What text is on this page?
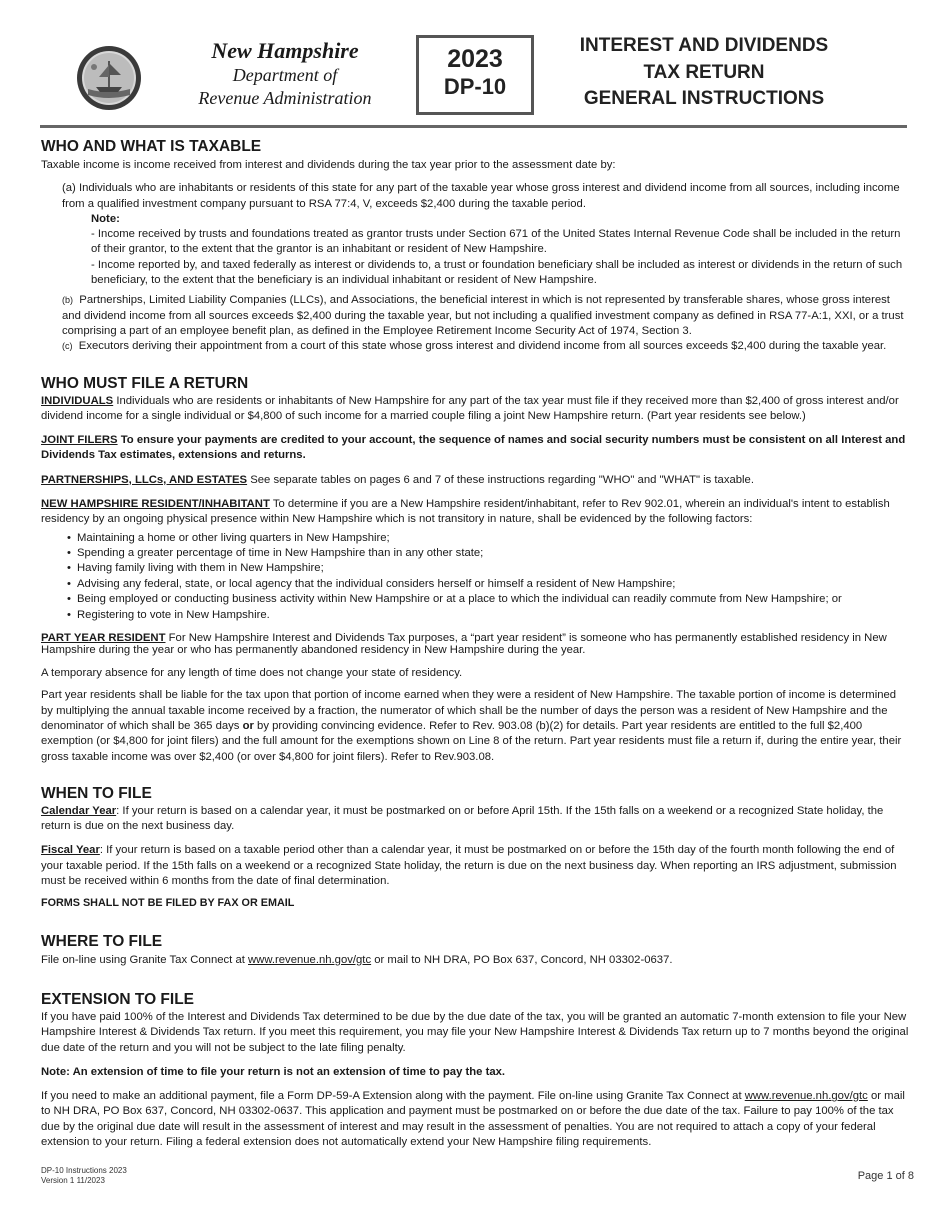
New Hampshire
Department of
Revenue Administration
2023
DP-10
INTEREST AND DIVIDENDS
TAX RETURN
GENERAL INSTRUCTIONS
WHO AND WHAT IS TAXABLE

Taxable income is income received from interest and dividends during the tax year prior to the assessment date by:

(a) Individuals who are inhabitants or residents of this state for any part of the taxable year whose gross interest and dividend income from all sources, including income from a qualified investment company pursuant to RSA 77:4, V, exceeds $2,400 during the taxable period.

Note:

- Income received by trusts and foundations treated as grantor trusts under Section 671 of the United States Internal Revenue Code shall be included in the return of their grantor, to the extent that the grantor is an inhabitant or resident of New Hampshire.

- Income reported by, and taxed federally as interest or dividends to, a trust or foundation beneficiary shall be included as interest or dividends in the return of such beneficiary, to the extent that the beneficiary is an individual inhabitant or resident of New Hampshire.

(b) Partnerships, Limited Liability Companies (LLCs), and Associations, the beneficial interest in which is not represented by transferable shares, whose gross interest and dividend income from all sources exceeds $2,400 during the taxable year, but not including a qualified investment company as defined in RSA 77-A:1, XXI, or a trust comprising a part of an employee benefit plan, as defined in the Employee Retirement Income Security Act of 1974, Section 3.

(c) Executors deriving their appointment from a court of this state whose gross interest and dividend income from all sources exceeds $2,400 during the taxable year.

WHO MUST FILE A RETURN

INDIVIDUALS Individuals who are residents or inhabitants of New Hampshire for any part of the tax year must file if they received more than $2,400 of gross interest and/or dividend income for a single individual or $4,800 of such income for a married couple filing a joint New Hampshire return. (Part year residents see below.)

JOINT FILERS To ensure your payments are credited to your account, the sequence of names and social security numbers must be consistent on all Interest and Dividends Tax estimates, extensions and returns.

PARTNERSHIPS, LLCs, AND ESTATES See separate tables on pages 6 and 7 of these instructions regarding "WHO" and "WHAT" is taxable.

NEW HAMPSHIRE RESIDENT/INHABITANT To determine if you are a New Hampshire resident/inhabitant, refer to Rev 902.01, wherein an individual's intent to establish residency by an ongoing physical presence within New Hampshire which is not transitory in nature, shall be evidenced by the following factors:

• Maintaining a home or other living quarters in New Hampshire;
• Spending a greater percentage of time in New Hampshire than in any other state;
• Having family living with them in New Hampshire;
• Advising any federal, state, or local agency that the individual considers herself or himself a resident of New Hampshire;
• Being employed or conducting business activity within New Hampshire or at a place to which the individual can readily commute from New Hampshire; or
• Registering to vote in New Hampshire.

PART YEAR RESIDENT For New Hampshire Interest and Dividends Tax purposes, a “part year resident” is someone who has permanently established residency in New Hampshire during the year or who has permanently abandoned residency in New Hampshire during the year.

A temporary absence for any length of time does not change your state of residency.

Part year residents shall be liable for the tax upon that portion of income earned when they were a resident of New Hampshire. The taxable portion of income is determined by multiplying the annual taxable income received by a fraction, the numerator of which shall be the number of days the person was a resident of New Hampshire and the denominator of which shall be 365 days or by providing convincing evidence. Refer to Rev. 903.08 (b)(2) for details. Part year residents are entitled to the full $2,400 exemption (or $4,800 for joint filers) and the full amount for the exemptions shown on Line 8 of the return. Part year residents must file a return if, during the entire year, their gross taxable income was over $2,400 (or over $4,800 for joint filers). Refer to Rev.903.08.

WHEN TO FILE

Calendar Year: If your return is based on a calendar year, it must be postmarked on or before April 15th. If the 15th falls on a weekend or a recognized State holiday, the return is due on the next business day.

Fiscal Year: If your return is based on a taxable period other than a calendar year, it must be postmarked on or before the 15th day of the fourth month following the end of your taxable period. If the 15th falls on a weekend or a recognized State holiday, the return is due on the next business day. When reporting an IRS adjustment, submission must be received within 6 months from the date of final determination.

FORMS SHALL NOT BE FILED BY FAX OR EMAIL

WHERE TO FILE

File on-line using Granite Tax Connect at www.revenue.nh.gov/gtc or mail to NH DRA, PO Box 637, Concord, NH 03302-0637.

EXTENSION TO FILE

If you have paid 100% of the Interest and Dividends Tax determined to be due by the due date of the tax, you will be granted an automatic 7-month extension to file your New Hampshire Interest & Dividends Tax return. If you meet this requirement, you may file your New Hampshire Interest & Dividends Tax return up to 7 months beyond the original due date of the return and you will not be subject to the late filing penalty.

Note: An extension of time to file your return is not an extension of time to pay the tax.

If you need to make an additional payment, file a Form DP-59-A Extension along with the payment. File on-line using Granite Tax Connect at www.revenue.nh.gov/gtc or mail to NH DRA, PO Box 637, Concord, NH 03302-0637. This application and payment must be postmarked on or before the due date of the tax. Failure to pay 100% of the tax due by the original due date will result in the assessment of interest and may result in the assessment of penalties. You are not required to attach a copy of your federal extension to your return. Filing a federal extension does not automatically extend your New Hampshire filing requirements.

DP-10 Instructions 2023
Version 1 11/2023	Page 1 of 8
